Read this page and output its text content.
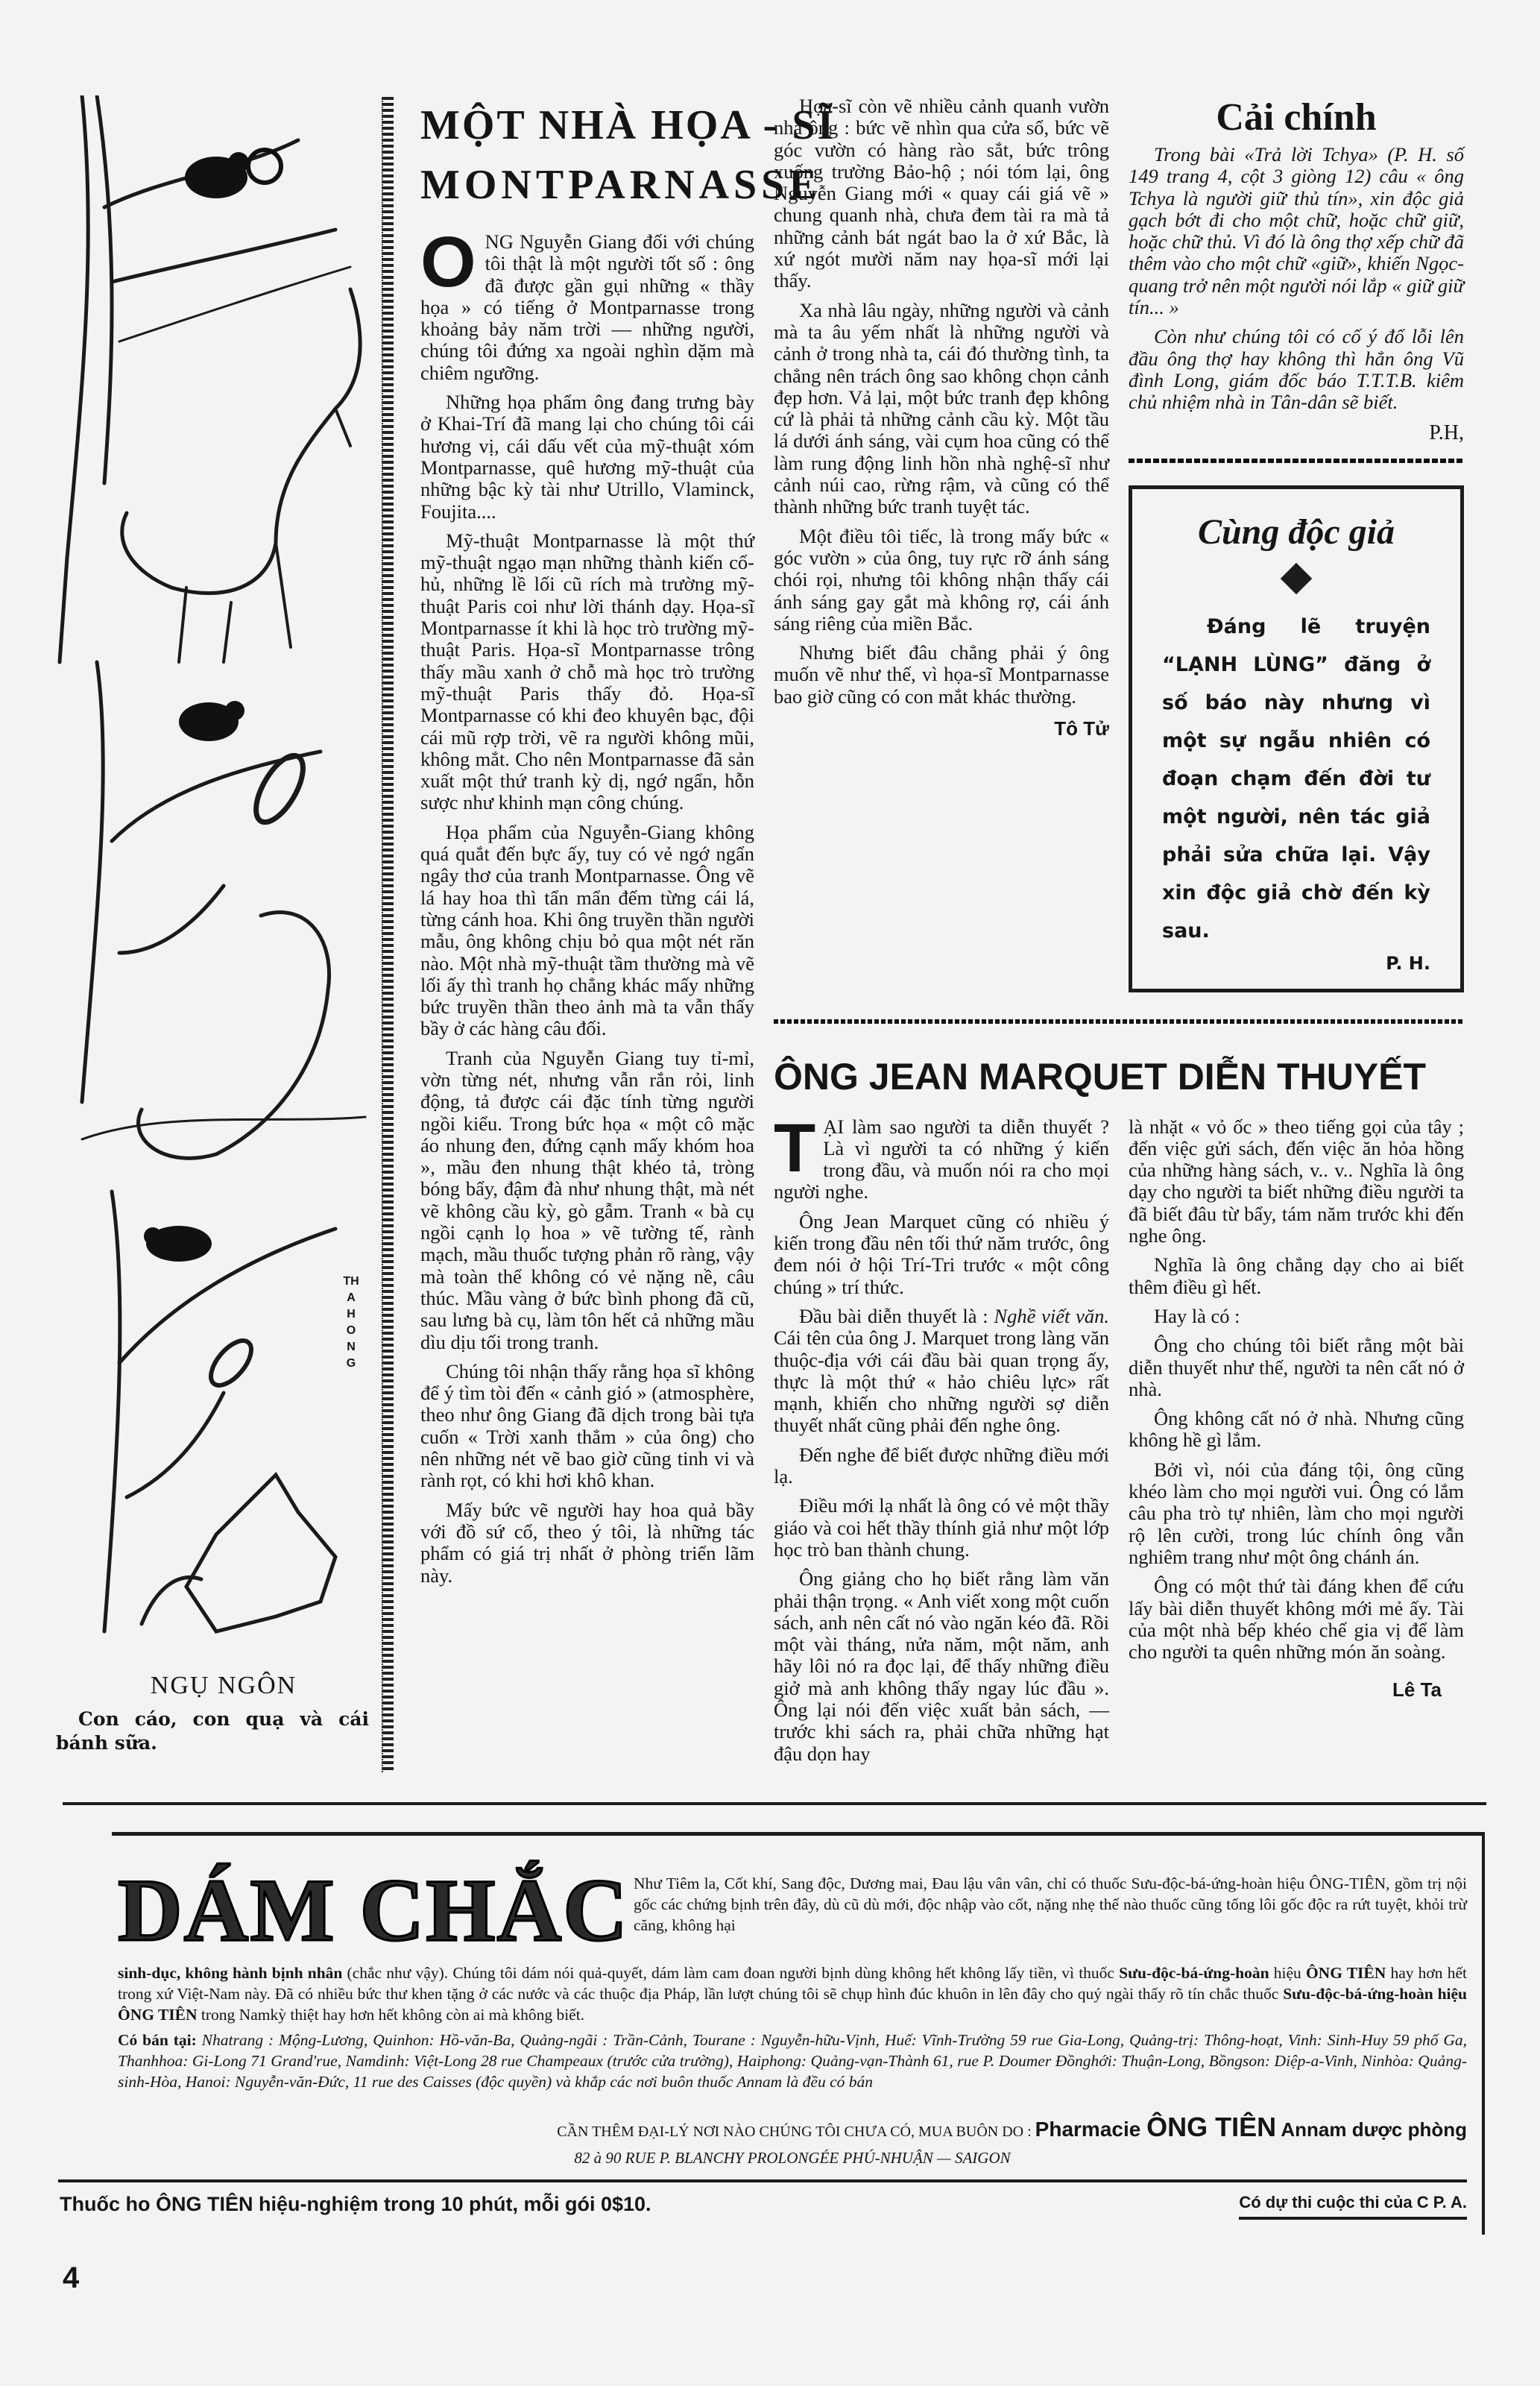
THA HONG
NGỤ NGÔN
Con cáo, con quạ và cái bánh sữa.
MỘT NHÀ HỌA - SĨ
MONTPARNASSE

ONG Nguyễn Giang đối với chúng tôi thật là một người tốt số : ông đã được gần gụi những « thầy họa » có tiếng ở Montparnasse trong khoảng bảy năm trời — những người, chúng tôi đứng xa ngoài nghìn dặm mà chiêm ngưỡng.

Những họa phẩm ông đang trưng bày ở Khai-Trí đã mang lại cho chúng tôi cái hương vị, cái dấu vết của mỹ-thuật xóm Montparnasse, quê hương mỹ-thuật của những bậc kỳ tài như Utrillo, Vlaminck, Foujita....

Mỹ-thuật Montparnasse là một thứ mỹ-thuật ngạo mạn những thành kiến cổ-hủ, những lề lối cũ rích mà trường mỹ-thuật Paris coi như lời thánh dạy. Họa-sĩ Montparnasse ít khi là học trò trường mỹ-thuật Paris. Họa-sĩ Montparnasse trông thấy mầu xanh ở chỗ mà học trò trường mỹ-thuật Paris thấy đỏ. Họa-sĩ Montparnasse có khi đeo khuyên bạc, đội cái mũ rợp trời, vẽ ra người không mũi, không mắt. Cho nên Montparnasse đã sản xuất một thứ tranh kỳ dị, ngớ ngẩn, hỗn sược như khinh mạn công chúng.

Họa phẩm của Nguyễn-Giang không quá quắt đến bực ấy, tuy có vẻ ngớ ngẩn ngây thơ của tranh Montparnasse. Ông vẽ lá hay hoa thì tẩn mẩn đếm từng cái lá, từng cánh hoa. Khi ông truyền thần người mẫu, ông không chịu bỏ qua một nét răn nào. Một nhà mỹ-thuật tầm thường mà vẽ lối ấy thì tranh họ chẳng khác mấy những bức truyền thần theo ảnh mà ta vẫn thấy bầy ở các hàng câu đối.

Tranh của Nguyễn Giang tuy tỉ-mỉ, vờn từng nét, nhưng vẫn rắn rỏi, linh động, tả được cái đặc tính từng người ngồi kiểu. Trong bức họa « một cô mặc áo nhung đen, đứng cạnh mấy khóm hoa », mầu đen nhung thật khéo tả, tròng bóng bẩy, đậm đà như nhung thật, mà nét vẽ không cầu kỳ, gò gẫm. Tranh « bà cụ ngồi cạnh lọ hoa » vẽ tường tế, rành mạch, mầu thuốc tượng phản rõ ràng, vậy mà toàn thể không có vẻ nặng nề, câu thúc. Mầu vàng ở bức bình phong đã cũ, sau lưng bà cụ, làm tôn hết cả những mầu dìu dịu tối trong tranh.

Chúng tôi nhận thấy rằng họa sĩ không để ý tìm tòi đến « cảnh gió » (atmosphère, theo như ông Giang đã dịch trong bài tựa cuốn « Trời xanh thẳm » của ông) cho nên những nét vẽ bao giờ cũng tinh vi và rành rọt, có khi hơi khô khan.

Mấy bức vẽ người hay hoa quả bầy với đồ sứ cổ, theo ý tôi, là những tác phẩm có giá trị nhất ở phòng triển lãm này.

Họa-sĩ còn vẽ nhiều cảnh quanh vườn nhà ông : bức vẽ nhìn qua cửa sổ, bức vẽ góc vườn có hàng rào sắt, bức trông xuống trường Bảo-hộ ; nói tóm lại, ông Nguyễn Giang mới « quay cái giá vẽ » chung quanh nhà, chưa đem tài ra mà tả những cảnh bát ngát bao la ở xứ Bắc, là xứ ngót mười năm nay họa-sĩ mới lại thấy.

Xa nhà lâu ngày, những người và cảnh mà ta âu yếm nhất là những người và cảnh ở trong nhà ta, cái đó thường tình, ta chẳng nên trách ông sao không chọn cảnh đẹp hơn. Vả lại, một bức tranh đẹp không cứ là phải tả những cảnh cầu kỳ. Một tầu lá dưới ánh sáng, vài cụm hoa cũng có thể làm rung động linh hồn nhà nghệ-sĩ như cảnh núi cao, rừng rậm, và cũng có thể thành những bức tranh tuyệt tác.

Một điều tôi tiếc, là trong mấy bức « góc vườn » của ông, tuy rực rỡ ánh sáng chói rọi, nhưng tôi không nhận thấy cái ánh sáng gay gắt mà không rợ, cái ánh sáng riêng của miền Bắc.

Nhưng biết đâu chẳng phải ý ông muốn vẽ như thế, vì họa-sĩ Montparnasse bao giờ cũng có con mắt khác thường.

Tô Tử
Cải chính

Trong bài «Trả lời Tchya» (P. H. số 149 trang 4, cột 3 giòng 12) câu « ông Tchya là người giữ thủ tín», xin độc giả gạch bớt đi cho một chữ, hoặc chữ giữ, hoặc chữ thủ. Vì đó là ông thợ xếp chữ đã thêm vào cho một chữ «giữ», khiến Ngọc-quang trở nên một người nói lắp « giữ giữ tín... »

Còn như chúng tôi có cố ý đổ lỗi lên đầu ông thợ hay không thì hẳn ông Vũ đình Long, giám đốc báo T.T.T.B. kiêm chủ nhiệm nhà in Tân-dân sẽ biết.

P.H,
Cùng độc giả

Đáng lẽ truyện “LẠNH LÙNG” đăng ở số báo này nhưng vì một sự ngẫu nhiên có đoạn chạm đến đời tư một người, nên tác giả phải sửa chữa lại. Vậy xin độc giả chờ đến kỳ sau.

P. H.
ÔNG JEAN MARQUET DIỄN THUYẾT

TẠI làm sao người ta diễn thuyết ? Là vì người ta có những ý kiến trong đầu, và muốn nói ra cho mọi người nghe.

Ông Jean Marquet cũng có nhiều ý kiến trong đầu nên tối thứ năm trước, ông đem nói ở hội Trí-Tri trước « một công chúng » trí thức.

Đầu bài diễn thuyết là : Nghề viết văn. Cái tên của ông J. Marquet trong làng văn thuộc-địa với cái đầu bài quan trọng ấy, thực là một thứ « hảo chiêu lực» rất mạnh, khiến cho những người sợ diễn thuyết nhất cũng phải đến nghe ông.

Đến nghe để biết được những điều mới lạ.

Điều mới lạ nhất là ông có vẻ một thầy giáo và coi hết thầy thính giả như một lớp học trò ban thành chung.

Ông giảng cho họ biết rằng làm văn phải thận trọng. « Anh viết xong một cuốn sách, anh nên cất nó vào ngăn kéo đã. Rồi một vài tháng, nửa năm, một năm, anh hãy lôi nó ra đọc lại, để thấy những điều giở mà anh không thấy ngay lúc đầu ». Ông lại nói đến việc xuất bản sách, — trước khi sách ra, phải chữa những hạt đậu dọn hay

là nhặt « vỏ ốc » theo tiếng gọi của tây ; đến việc gửi sách, đến việc ăn hỏa hồng của những hàng sách, v.. v.. Nghĩa là ông dạy cho người ta biết những điều người ta đã biết đâu từ bẩy, tám năm trước khi đến nghe ông.

Nghĩa là ông chẳng dạy cho ai biết thêm điều gì hết.

Hay là có :

Ông cho chúng tôi biết rằng một bài diễn thuyết như thế, người ta nên cất nó ở nhà.

Ông không cất nó ở nhà. Nhưng cũng không hề gì lắm.

Bởi vì, nói của đáng tội, ông cũng khéo làm cho mọi người vui. Ông có lắm câu pha trò tự nhiên, làm cho mọi người rộ lên cười, trong lúc chính ông vẫn nghiêm trang như một ông chánh án.

Ông có một thứ tài đáng khen để cứu lấy bài diễn thuyết không mới mẻ ấy. Tài của một nhà bếp khéo chế gia vị để làm cho người ta quên những món ăn soàng.

Lê Ta
DÁM CHẮC Như Tiêm la, Cốt khí, Sang độc, Dương mai, Đau lậu vân vân, chỉ có thuốc Sưu-độc-bá-ứng-hoàn hiệu ÔNG-TIÊN, gồm trị nội gốc các chứng bịnh trên đây, dù cũ dù mới, độc nhập vào cốt, nặng nhẹ thế nào thuốc cũng tống lôi gốc độc ra rứt tuyệt, khỏi trừ căng, không hại
sinh-dục, không hành bịnh nhân (chắc như vậy). Chúng tôi dám nói quả-quyết, dám làm cam đoan người bịnh dùng không hết không lấy tiền, vì thuốc Sưu-độc-bá-ứng-hoàn hiệu ÔNG TIÊN hay hơn hết trong xứ Việt-Nam này. Đã có nhiều bức thư khen tặng ở các nước và các thuộc địa Pháp, lần lượt chúng tôi sẽ chụp hình đúc khuôn in lên đây cho quý ngài thấy rõ tín chắc thuốc Sưu-độc-bá-ứng-hoàn hiệu ÔNG TIÊN trong Namkỳ thiệt hay hơn hết không còn ai mà không biết.
Có bán tại: Nhatrang : Mộng-Lương, Quinhon: Hồ-văn-Ba, Quảng-ngãi : Trần-Cảnh, Tourane : Nguyễn-hữu-Vịnh, Huế: Vĩnh-Trường 59 rue Gia-Long, Quảng-trị: Thông-hoạt, Vinh: Sinh-Huy 59 phố Ga, Thanhhoa: Gi-Long 71 Grand'rue, Namdinh: Việt-Long 28 rue Champeaux (trước cửa trường), Haiphong: Quảng-vạn-Thành 61, rue P. Doumer Đồnghới: Thuận-Long, Bồngson: Diệp-a-Vinh, Ninhòa: Quảng-sinh-Hòa, Hanoi: Nguyễn-văn-Đức, 11 rue des Caisses (độc quyền) và khắp các nơi buôn thuốc Annam là đều có bán
CẦN THÊM ĐẠI-LÝ NƠI NÀO CHÚNG TÔI CHƯA CÓ, MUA BUÔN DO : Pharmacie ÔNG TIÊN Annam dược phòng
82 à 90 RUE P. BLANCHY PROLONGÉE PHÚ-NHUẬN — SAIGON
Thuốc ho ÔNG TIÊN hiệu-nghiệm trong 10 phút, mỗi gói 0$10.	Có dự thi cuộc thi của C P. A.
4
